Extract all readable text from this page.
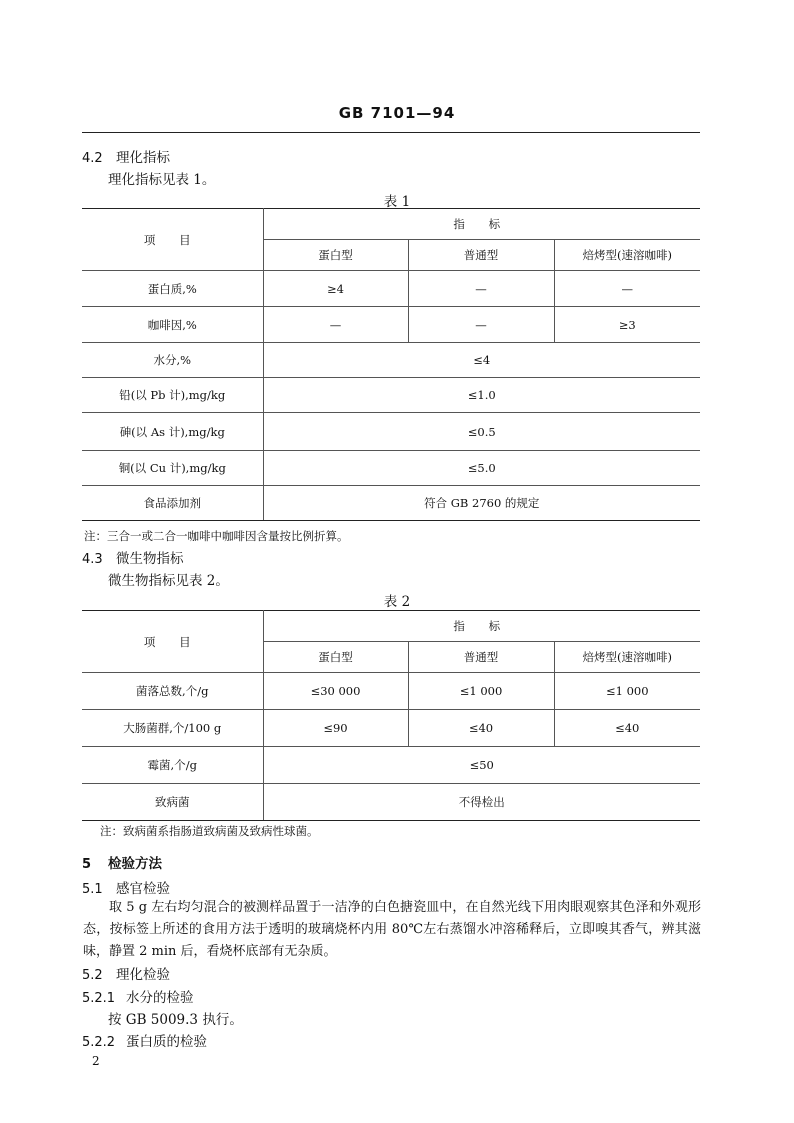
GB 7101—94
4.2 理化指标
理化指标见表 1。
表 1
项 目	指 标		
	蛋白型	普通型	焙烤型(速溶咖啡)
蛋白质,%	≥4	—	—
咖啡因,%	—	—	≥3
水分,%	≤4		
铅(以 Pb 计),mg/kg	≤1.0		
砷(以 As 计),mg/kg	≤0.5		
铜(以 Cu 计),mg/kg	≤5.0		
食品添加剂	符合 GB 2760 的规定		
注：三合一或二合一咖啡中咖啡因含量按比例折算。
4.3 微生物指标
微生物指标见表 2。
表 2
项 目	指 标		
	蛋白型	普通型	焙烤型(速溶咖啡)
菌落总数,个/g	≤30 000	≤1 000	≤1 000
大肠菌群,个/100 g	≤90	≤40	≤40
霉菌,个/g	≤50		
致病菌	不得检出		
注：致病菌系指肠道致病菌及致病性球菌。
5 检验方法
5.1 感官检验

取 5 g 左右均匀混合的被测样品置于一洁净的白色搪瓷皿中，在自然光线下用肉眼观察其色泽和外观形态，按标签上所述的食用方法于透明的玻璃烧杯内用 80℃左右蒸馏水冲溶稀释后，立即嗅其香气，辨其滋味，静置 2 min 后，看烧杯底部有无杂质。

5.2 理化检验
5.2.1 水分的检验
按 GB 5009.3 执行。
5.2.2 蛋白质的检验
2
